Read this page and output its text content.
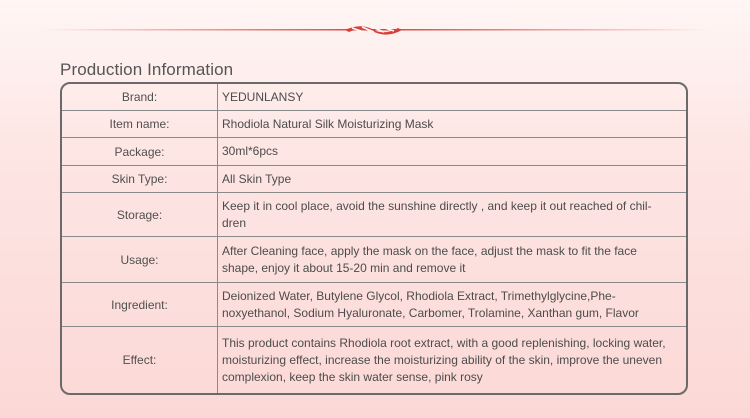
Production Information
Brand:	YEDUNLANSY
Item name:	Rhodiola Natural Silk Moisturizing Mask
Package:	30ml*6pcs
Skin Type:	All Skin Type
Storage:
Keep it in cool place, avoid the sunshine directly , and keep it out reached of chil-dren
Usage:
After Cleaning face, apply the mask on the face, adjust the mask to fit the face shape, enjoy it about 15-20 min and remove it
Ingredient:
Deionized Water, Butylene Glycol, Rhodiola Extract, Trimethylglycine,Phe-noxyethanol, Sodium Hyaluronate, Carbomer, Trolamine, Xanthan gum, Flavor
Effect:
This product contains Rhodiola root extract, with a good replenishing, locking water, moisturizing effect, increase the moisturizing ability of the skin, improve the uneven complexion, keep the skin water sense, pink rosy
